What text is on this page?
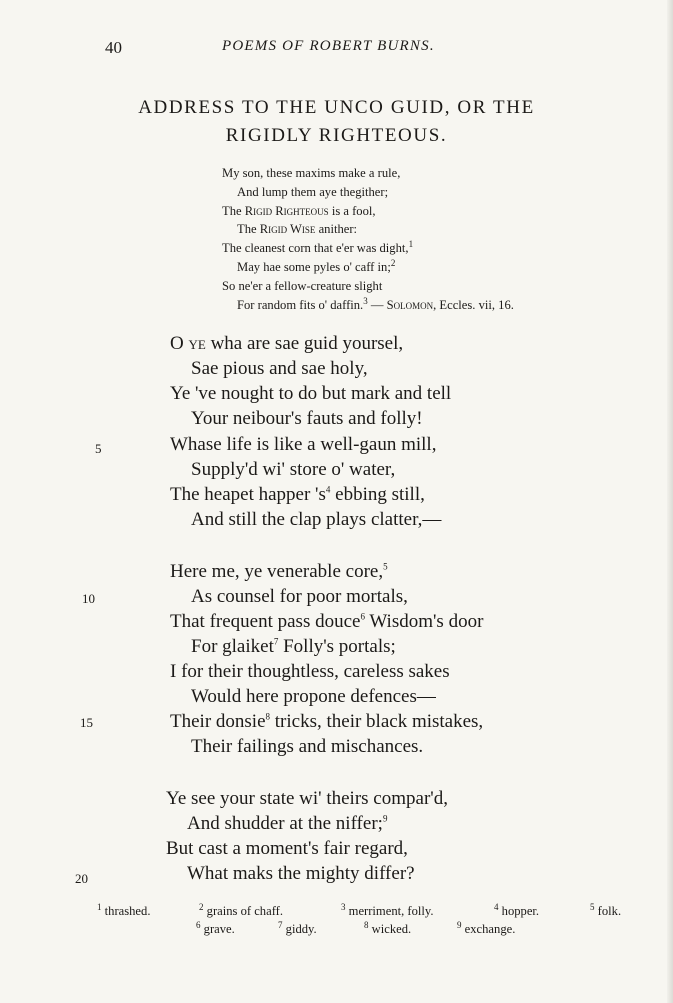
40	POEMS OF ROBERT BURNS.
ADDRESS TO THE UNCO GUID, OR THE
RIGIDLY RIGHTEOUS.
My son, these maxims make a rule,
And lump them aye thegither;
The Rigid Righteous is a fool,
The Rigid Wise anither:
The cleanest corn that e'er was dight,$^1$
May hae some pyles o' caff in;$^2$
So ne'er a fellow-creature slight
For random fits o' daffin.$^3$ — Solomon, Eccles. vii, 16.
O ye wha are sae guid yoursel,
Sae pious and sae holy,
Ye 've nought to do but mark and tell
Your neibour's fauts and folly!
Whase life is like a well-gaun mill,
Supply'd wi' store o' water,
The heapet happer '$s^4$ ebbing still,
And still the clap plays clatter,—
Here me, ye venerable core,$^5$
As counsel for poor mortals,
That frequent pass douce$^6$ Wisdom's door
For glaiket$^7$ Folly's portals;
I for their thoughtless, careless sakes
Would here propone defences—
Their donsie$^8$ tricks, their black mistakes,
Their failings and mischances.
Ye see your state wi' theirs compar'd,
And shudder at the niffer;$^9$
But cast a moment's fair regard,
What maks the mighty differ?
5
10
15
20
$^1$ thrashed.	$^2$ grains of chaff.	$^3$ merriment, folly.	$^4$ hopper.	$^5$ folk.
$^6$ grave.	$^7$ giddy.	$^8$ wicked.	$^9$ exchange.
